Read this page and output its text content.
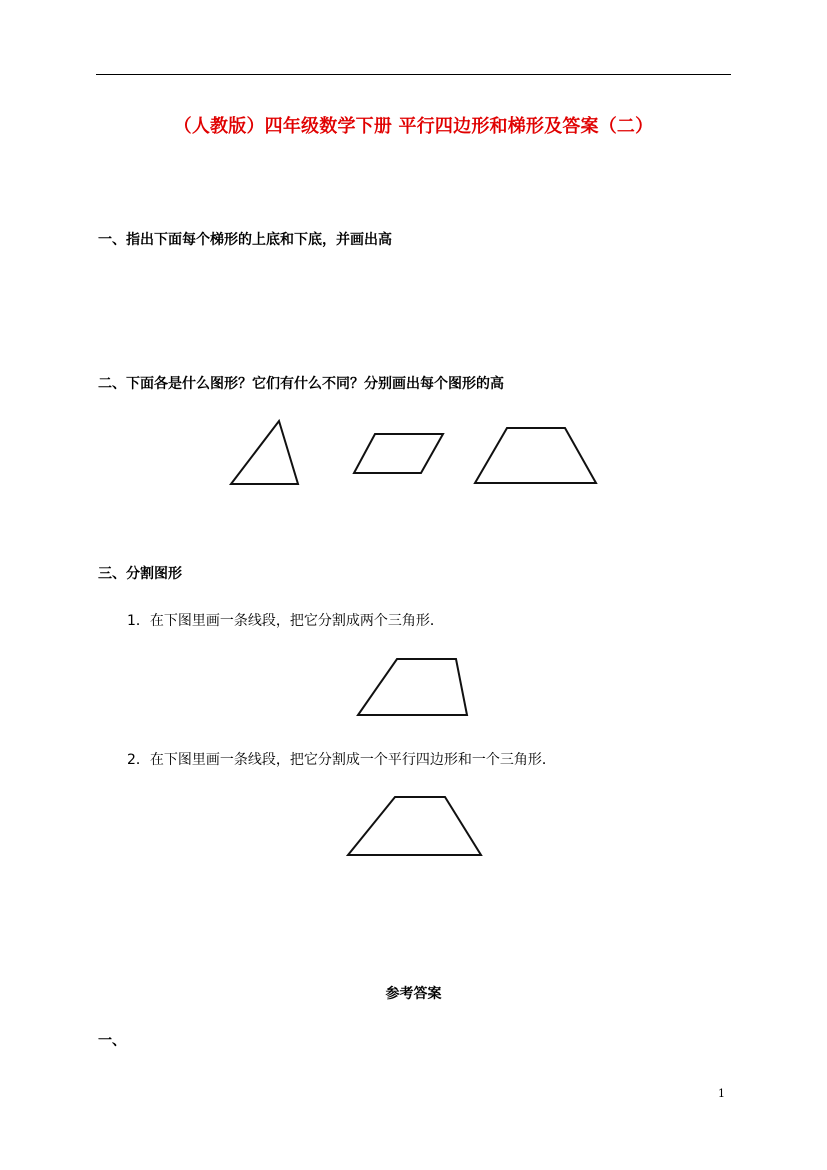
（人教版）四年级数学下册 平行四边形和梯形及答案（二）
一、指出下面每个梯形的上底和下底，并画出高
二、下面各是什么图形？它们有什么不同？分别画出每个图形的高
三、分割图形
1．在下图里画一条线段，把它分割成两个三角形．
2．在下图里画一条线段，把它分割成一个平行四边形和一个三角形．
参考答案
一、
1
